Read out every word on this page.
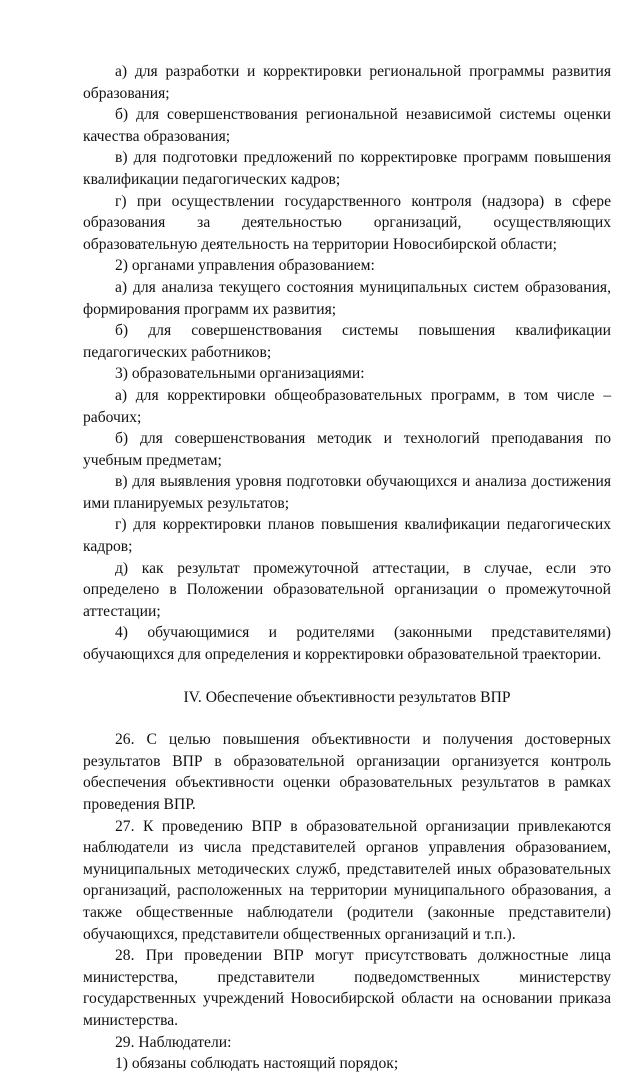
а) для разработки и корректировки региональной программы развития образования;

б) для совершенствования региональной независимой системы оценки качества образования;

в) для подготовки предложений по корректировке программ повышения квалификации педагогических кадров;

г) при осуществлении государственного контроля (надзора) в сфере образования за деятельностью организаций, осуществляющих образовательную деятельность на территории Новосибирской области;

2) органами управления образованием:

а) для анализа текущего состояния муниципальных систем образования, формирования программ их развития;

б) для совершенствования системы повышения квалификации педагогических работников;

3) образовательными организациями:

а) для корректировки общеобразовательных программ, в том числе – рабочих;

б) для совершенствования методик и технологий преподавания по учебным предметам;

в) для выявления уровня подготовки обучающихся и анализа достижения ими планируемых результатов;

г) для корректировки планов повышения квалификации педагогических кадров;

д) как результат промежуточной аттестации, в случае, если это определено в Положении образовательной организации о промежуточной аттестации;

4) обучающимися и родителями (законными представителями) обучающихся для определения и корректировки образовательной траектории.

IV. Обеспечение объективности результатов ВПР

26. С целью повышения объективности и получения достоверных результатов ВПР в образовательной организации организуется контроль обеспечения объективности оценки образовательных результатов в рамках проведения ВПР.

27. К проведению ВПР в образовательной организации привлекаются наблюдатели из числа представителей органов управления образованием, муниципальных методических служб, представителей иных образовательных организаций, расположенных на территории муниципального образования, а также общественные наблюдатели (родители (законные представители) обучающихся, представители общественных организаций и т.п.).

28. При проведении ВПР могут присутствовать должностные лица министерства, представители подведомственных министерству государственных учреждений Новосибирской области на основании приказа министерства.

29. Наблюдатели:

1) обязаны соблюдать настоящий порядок;
